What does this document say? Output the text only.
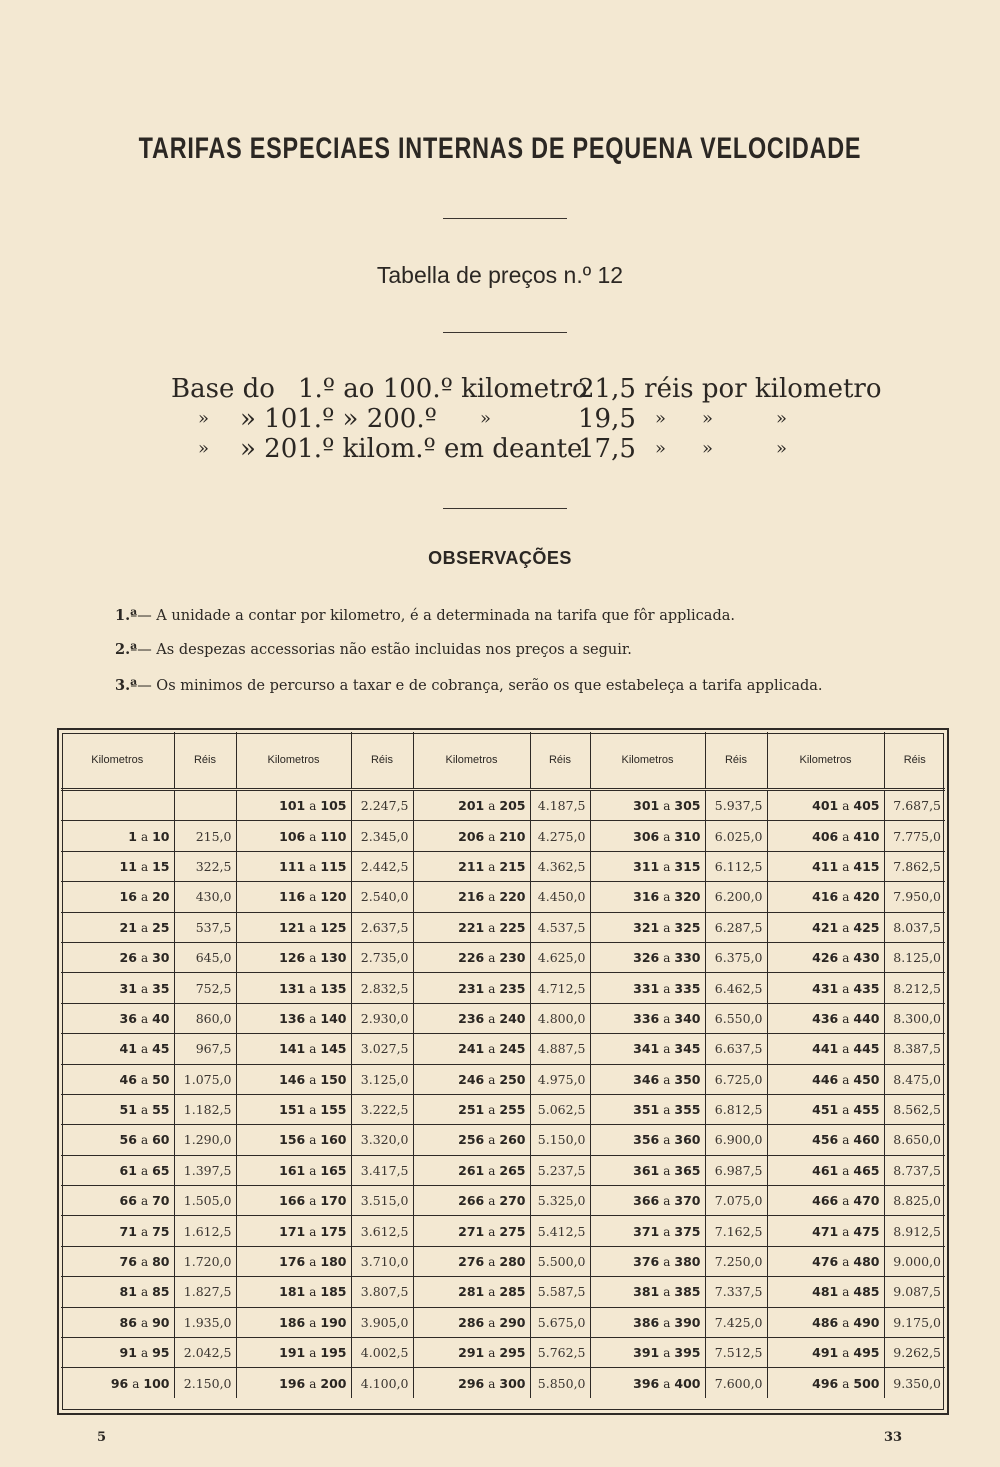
TARIFAS ESPECIAES INTERNAS DE PEQUENA VELOCIDADE
Tabella de preços n.º 12
Base do 1.º ao 100.º kilometro
21,5 réis por kilometro
» » 101.º » 200.º »	19,5 » »	»
» » 201.º kilom.º em deante
17,5 » »	»
OBSERVAÇÕES
1.ª— A unidade a contar por kilometro, é a determinada na tarifa que fôr applicada.
2.ª— As despezas accessorias não estão incluidas nos preços a seguir.
3.ª— Os minimos de percurso a taxar e de cobrança, serão os que estabeleça a tarifa applicada.
Kilometros	Réis	Kilometros	Réis	Kilometros	Réis	Kilometros	Réis	Kilometros	Réis
		101 a 105	2.247,5	201 a 205	4.187,5	301 a 305	5.937,5	401 a 405	7.687,5
1 a 10	215,0	106 a 110	2.345,0	206 a 210	4.275,0	306 a 310	6.025,0	406 a 410	7.775,0
11 a 15	322,5	111 a 115	2.442,5	211 a 215	4.362,5	311 a 315	6.112,5	411 a 415	7.862,5
16 a 20	430,0	116 a 120	2.540,0	216 a 220	4.450,0	316 a 320	6.200,0	416 a 420	7.950,0
21 a 25	537,5	121 a 125	2.637,5	221 a 225	4.537,5	321 a 325	6.287,5	421 a 425	8.037,5
26 a 30	645,0	126 a 130	2.735,0	226 a 230	4.625,0	326 a 330	6.375,0	426 a 430	8.125,0
31 a 35	752,5	131 a 135	2.832,5	231 a 235	4.712,5	331 a 335	6.462,5	431 a 435	8.212,5
36 a 40	860,0	136 a 140	2.930,0	236 a 240	4.800,0	336 a 340	6.550,0	436 a 440	8.300,0
41 a 45	967,5	141 a 145	3.027,5	241 a 245	4.887,5	341 a 345	6.637,5	441 a 445	8.387,5
46 a 50	1.075,0	146 a 150	3.125,0	246 a 250	4.975,0	346 a 350	6.725,0	446 a 450	8.475,0
51 a 55	1.182,5	151 a 155	3.222,5	251 a 255	5.062,5	351 a 355	6.812,5	451 a 455	8.562,5
56 a 60	1.290,0	156 a 160	3.320,0	256 a 260	5.150,0	356 a 360	6.900,0	456 a 460	8.650,0
61 a 65	1.397,5	161 a 165	3.417,5	261 a 265	5.237,5	361 a 365	6.987,5	461 a 465	8.737,5
66 a 70	1.505,0	166 a 170	3.515,0	266 a 270	5.325,0	366 a 370	7.075,0	466 a 470	8.825,0
71 a 75	1.612,5	171 a 175	3.612,5	271 a 275	5.412,5	371 a 375	7.162,5	471 a 475	8.912,5
76 a 80	1.720,0	176 a 180	3.710,0	276 a 280	5.500,0	376 a 380	7.250,0	476 a 480	9.000,0
81 a 85	1.827,5	181 a 185	3.807,5	281 a 285	5.587,5	381 a 385	7.337,5	481 a 485	9.087,5
86 a 90	1.935,0	186 a 190	3.905,0	286 a 290	5.675,0	386 a 390	7.425,0	486 a 490	9.175,0
91 a 95	2.042,5	191 a 195	4.002,5	291 a 295	5.762,5	391 a 395	7.512,5	491 a 495	9.262,5
96 a 100	2.150,0	196 a 200	4.100,0	296 a 300	5.850,0	396 a 400	7.600,0	496 a 500	9.350,0
5	33
